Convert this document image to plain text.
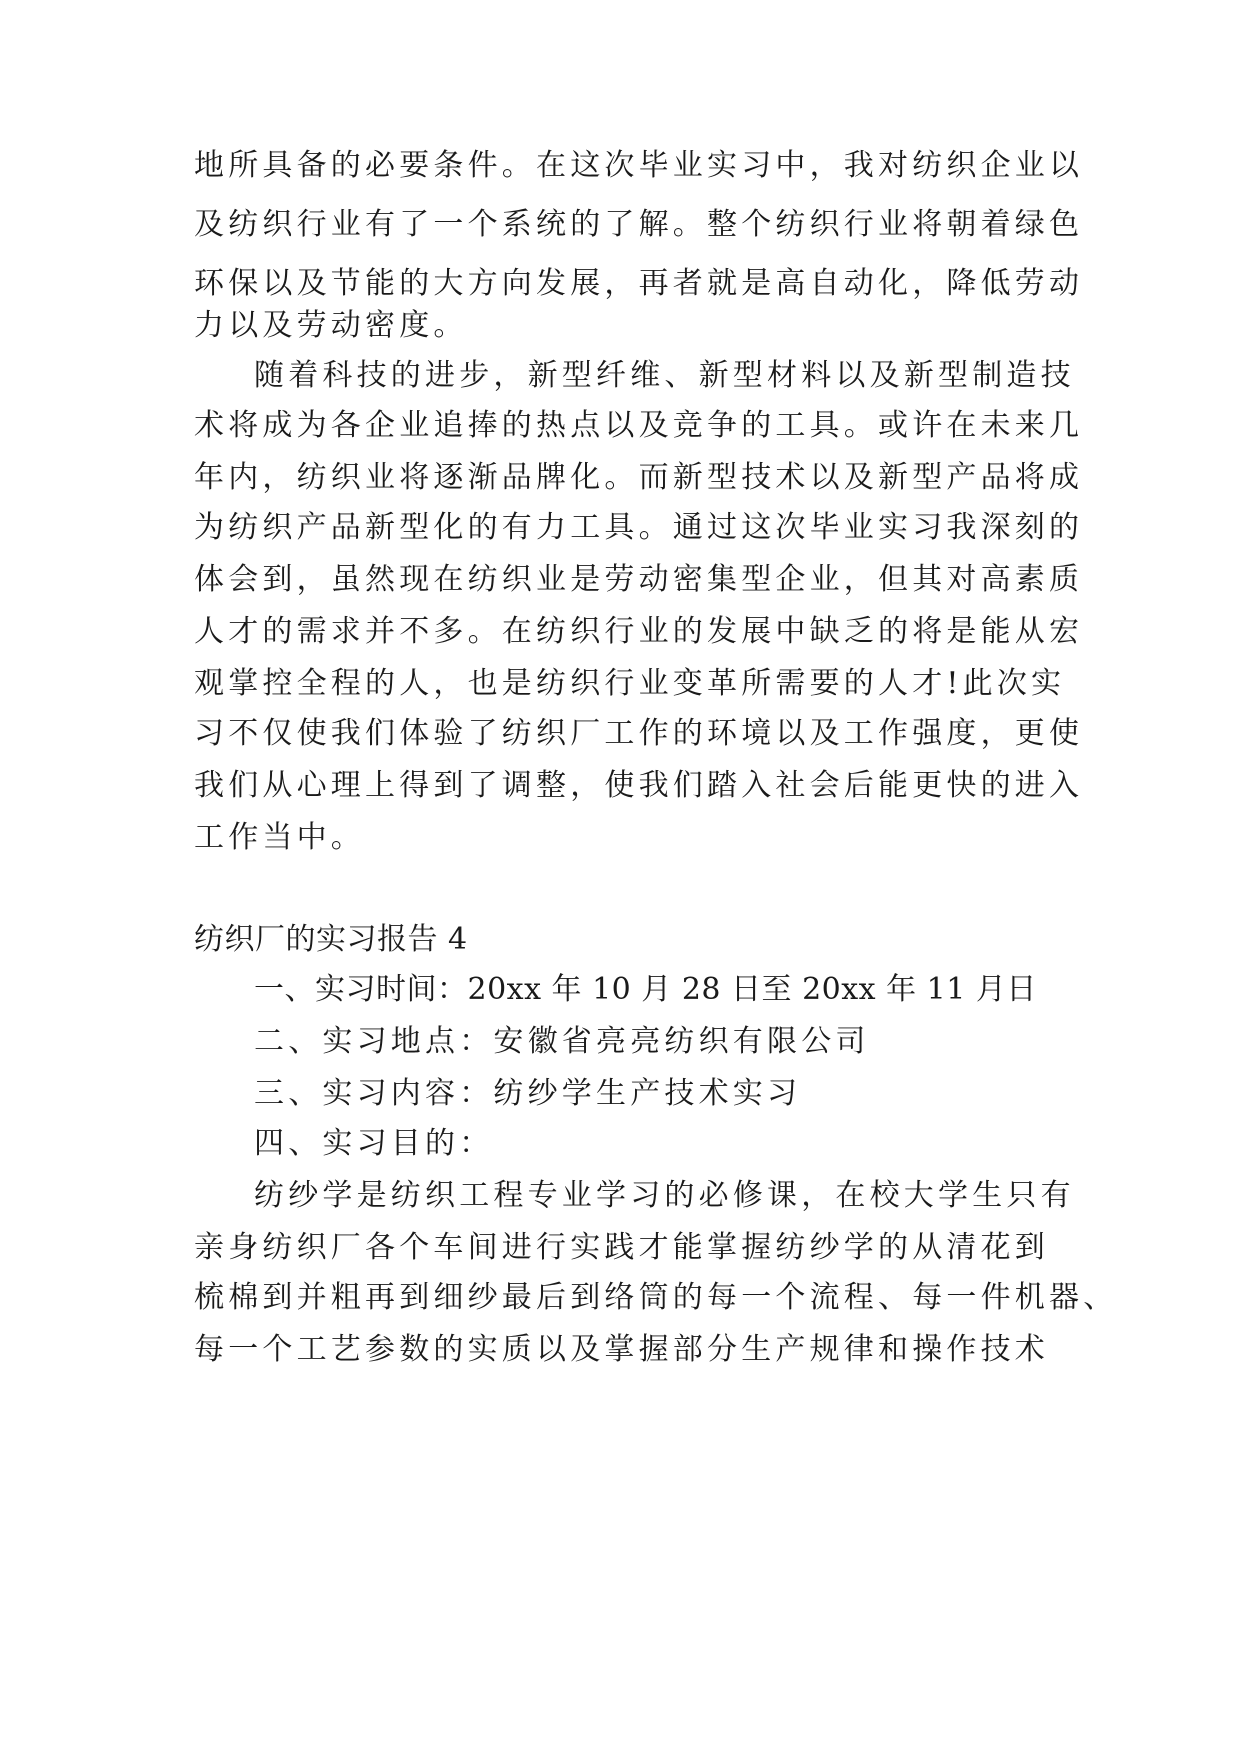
地所具备的必要条件。在这次毕业实习中，我对纺织企业以
及纺织行业有了一个系统的了解。整个纺织行业将朝着绿色
环保以及节能的大方向发展，再者就是高自动化，降低劳动
力以及劳动密度。
随着科技的进步，新型纤维、新型材料以及新型制造技
术将成为各企业追捧的热点以及竞争的工具。或许在未来几
年内，纺织业将逐渐品牌化。而新型技术以及新型产品将成
为纺织产品新型化的有力工具。通过这次毕业实习我深刻的
体会到，虽然现在纺织业是劳动密集型企业，但其对高素质
人才的需求并不多。在纺织行业的发展中缺乏的将是能从宏
观掌控全程的人，也是纺织行业变革所需要的人才!此次实
习不仅使我们体验了纺织厂工作的环境以及工作强度，更使
我们从心理上得到了调整，使我们踏入社会后能更快的进入
工作当中。
纺织厂的实习报告 4
一、实习时间：20xx 年 10 月 28 日至 20xx 年 11 月日
二、实习地点：安徽省亮亮纺织有限公司
三、实习内容：纺纱学生产技术实习
四、实习目的：
纺纱学是纺织工程专业学习的必修课，在校大学生只有
亲身纺织厂各个车间进行实践才能掌握纺纱学的从清花到
梳棉到并粗再到细纱最后到络筒的每一个流程、每一件机器、
每一个工艺参数的实质以及掌握部分生产规律和操作技术
